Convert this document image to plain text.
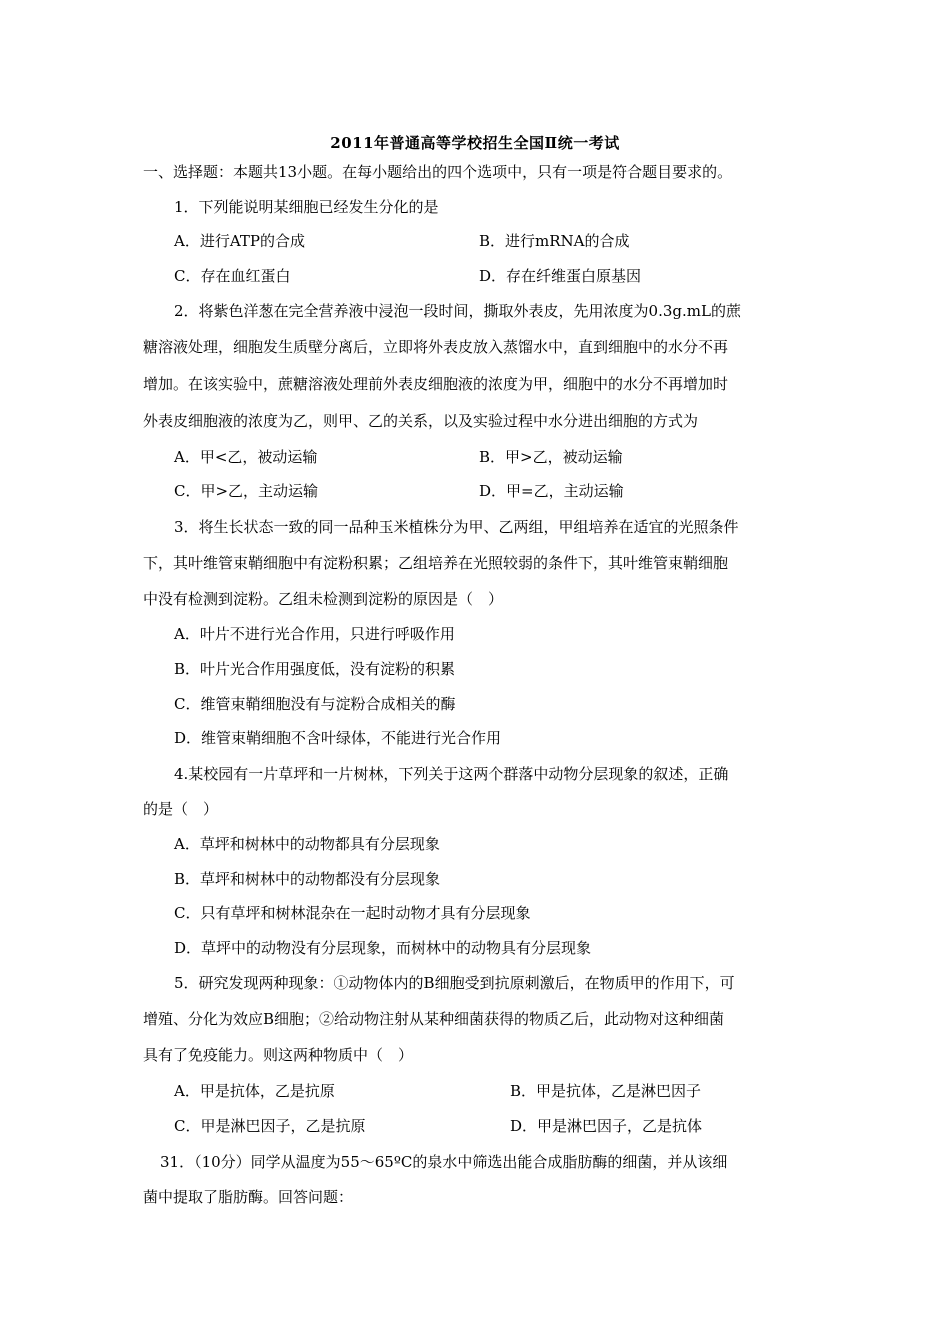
2011年普通高等学校招生全国Ⅱ统一考试
一、选择题：本题共13小题。在每小题给出的四个选项中，只有一项是符合题目要求的。
1．下列能说明某细胞已经发生分化的是
A．进行ATP的合成	B．进行mRNA的合成
C．存在血红蛋白	D．存在纤维蛋白原基因
2．将紫色洋葱在完全营养液中浸泡一段时间，撕取外表皮，先用浓度为0.3g.mL的蔗
糖溶液处理，细胞发生质壁分离后，立即将外表皮放入蒸馏水中，直到细胞中的水分不再
增加。在该实验中，蔗糖溶液处理前外表皮细胞液的浓度为甲，细胞中的水分不再增加时
外表皮细胞液的浓度为乙，则甲、乙的关系，以及实验过程中水分进出细胞的方式为
A．甲<乙，被动运输	B．甲>乙，被动运输
C．甲>乙，主动运输	D．甲=乙，主动运输
3．将生长状态一致的同一品种玉米植株分为甲、乙两组，甲组培养在适宜的光照条件
下，其叶维管束鞘细胞中有淀粉积累；乙组培养在光照较弱的条件下，其叶维管束鞘细胞
中没有检测到淀粉。乙组未检测到淀粉的原因是（　）
A．叶片不进行光合作用，只进行呼吸作用
B．叶片光合作用强度低，没有淀粉的积累
C．维管束鞘细胞没有与淀粉合成相关的酶
D．维管束鞘细胞不含叶绿体，不能进行光合作用
4.某校园有一片草坪和一片树林，下列关于这两个群落中动物分层现象的叙述，正确
的是（　）
A．草坪和树林中的动物都具有分层现象
B．草坪和树林中的动物都没有分层现象
C．只有草坪和树林混杂在一起时动物才具有分层现象
D．草坪中的动物没有分层现象，而树林中的动物具有分层现象
5．研究发现两种现象：①动物体内的B细胞受到抗原刺激后，在物质甲的作用下，可
增殖、分化为效应B细胞；②给动物注射从某种细菌获得的物质乙后，此动物对这种细菌
具有了免疫能力。则这两种物质中（　）
A．甲是抗体，乙是抗原	B．甲是抗体，乙是淋巴因子
C．甲是淋巴因子，乙是抗原	D．甲是淋巴因子，乙是抗体
31．（10分）同学从温度为55～65ºC的泉水中筛选出能合成脂肪酶的细菌，并从该细
菌中提取了脂肪酶。回答问题：
